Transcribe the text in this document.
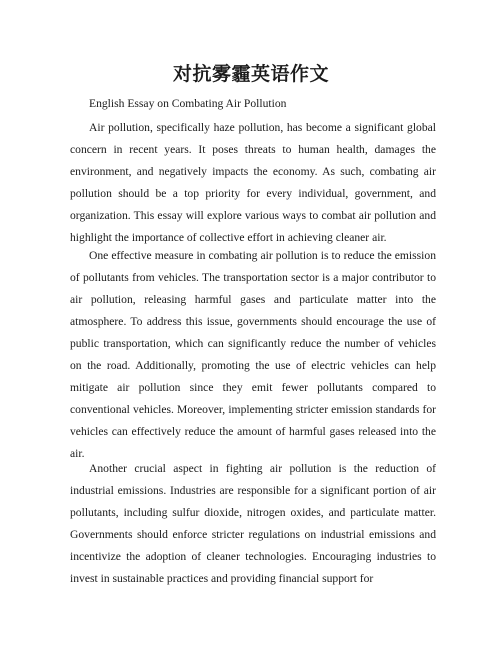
对抗雾霾英语作文
English Essay on Combating Air Pollution

Air pollution, specifically haze pollution, has become a significant global concern in recent years. It poses threats to human health, damages the environment, and negatively impacts the economy. As such, combating air pollution should be a top priority for every individual, government, and organization. This essay will explore various ways to combat air pollution and highlight the importance of collective effort in achieving cleaner air.

One effective measure in combating air pollution is to reduce the emission of pollutants from vehicles. The transportation sector is a major contributor to air pollution, releasing harmful gases and particulate matter into the atmosphere. To address this issue, governments should encourage the use of public transportation, which can significantly reduce the number of vehicles on the road. Additionally, promoting the use of electric vehicles can help mitigate air pollution since they emit fewer pollutants compared to conventional vehicles. Moreover, implementing stricter emission standards for vehicles can effectively reduce the amount of harmful gases released into the air.

Another crucial aspect in fighting air pollution is the reduction of industrial emissions. Industries are responsible for a significant portion of air pollutants, including sulfur dioxide, nitrogen oxides, and particulate matter. Governments should enforce stricter regulations on industrial emissions and incentivize the adoption of cleaner technologies. Encouraging industries to invest in sustainable practices and providing financial support for
